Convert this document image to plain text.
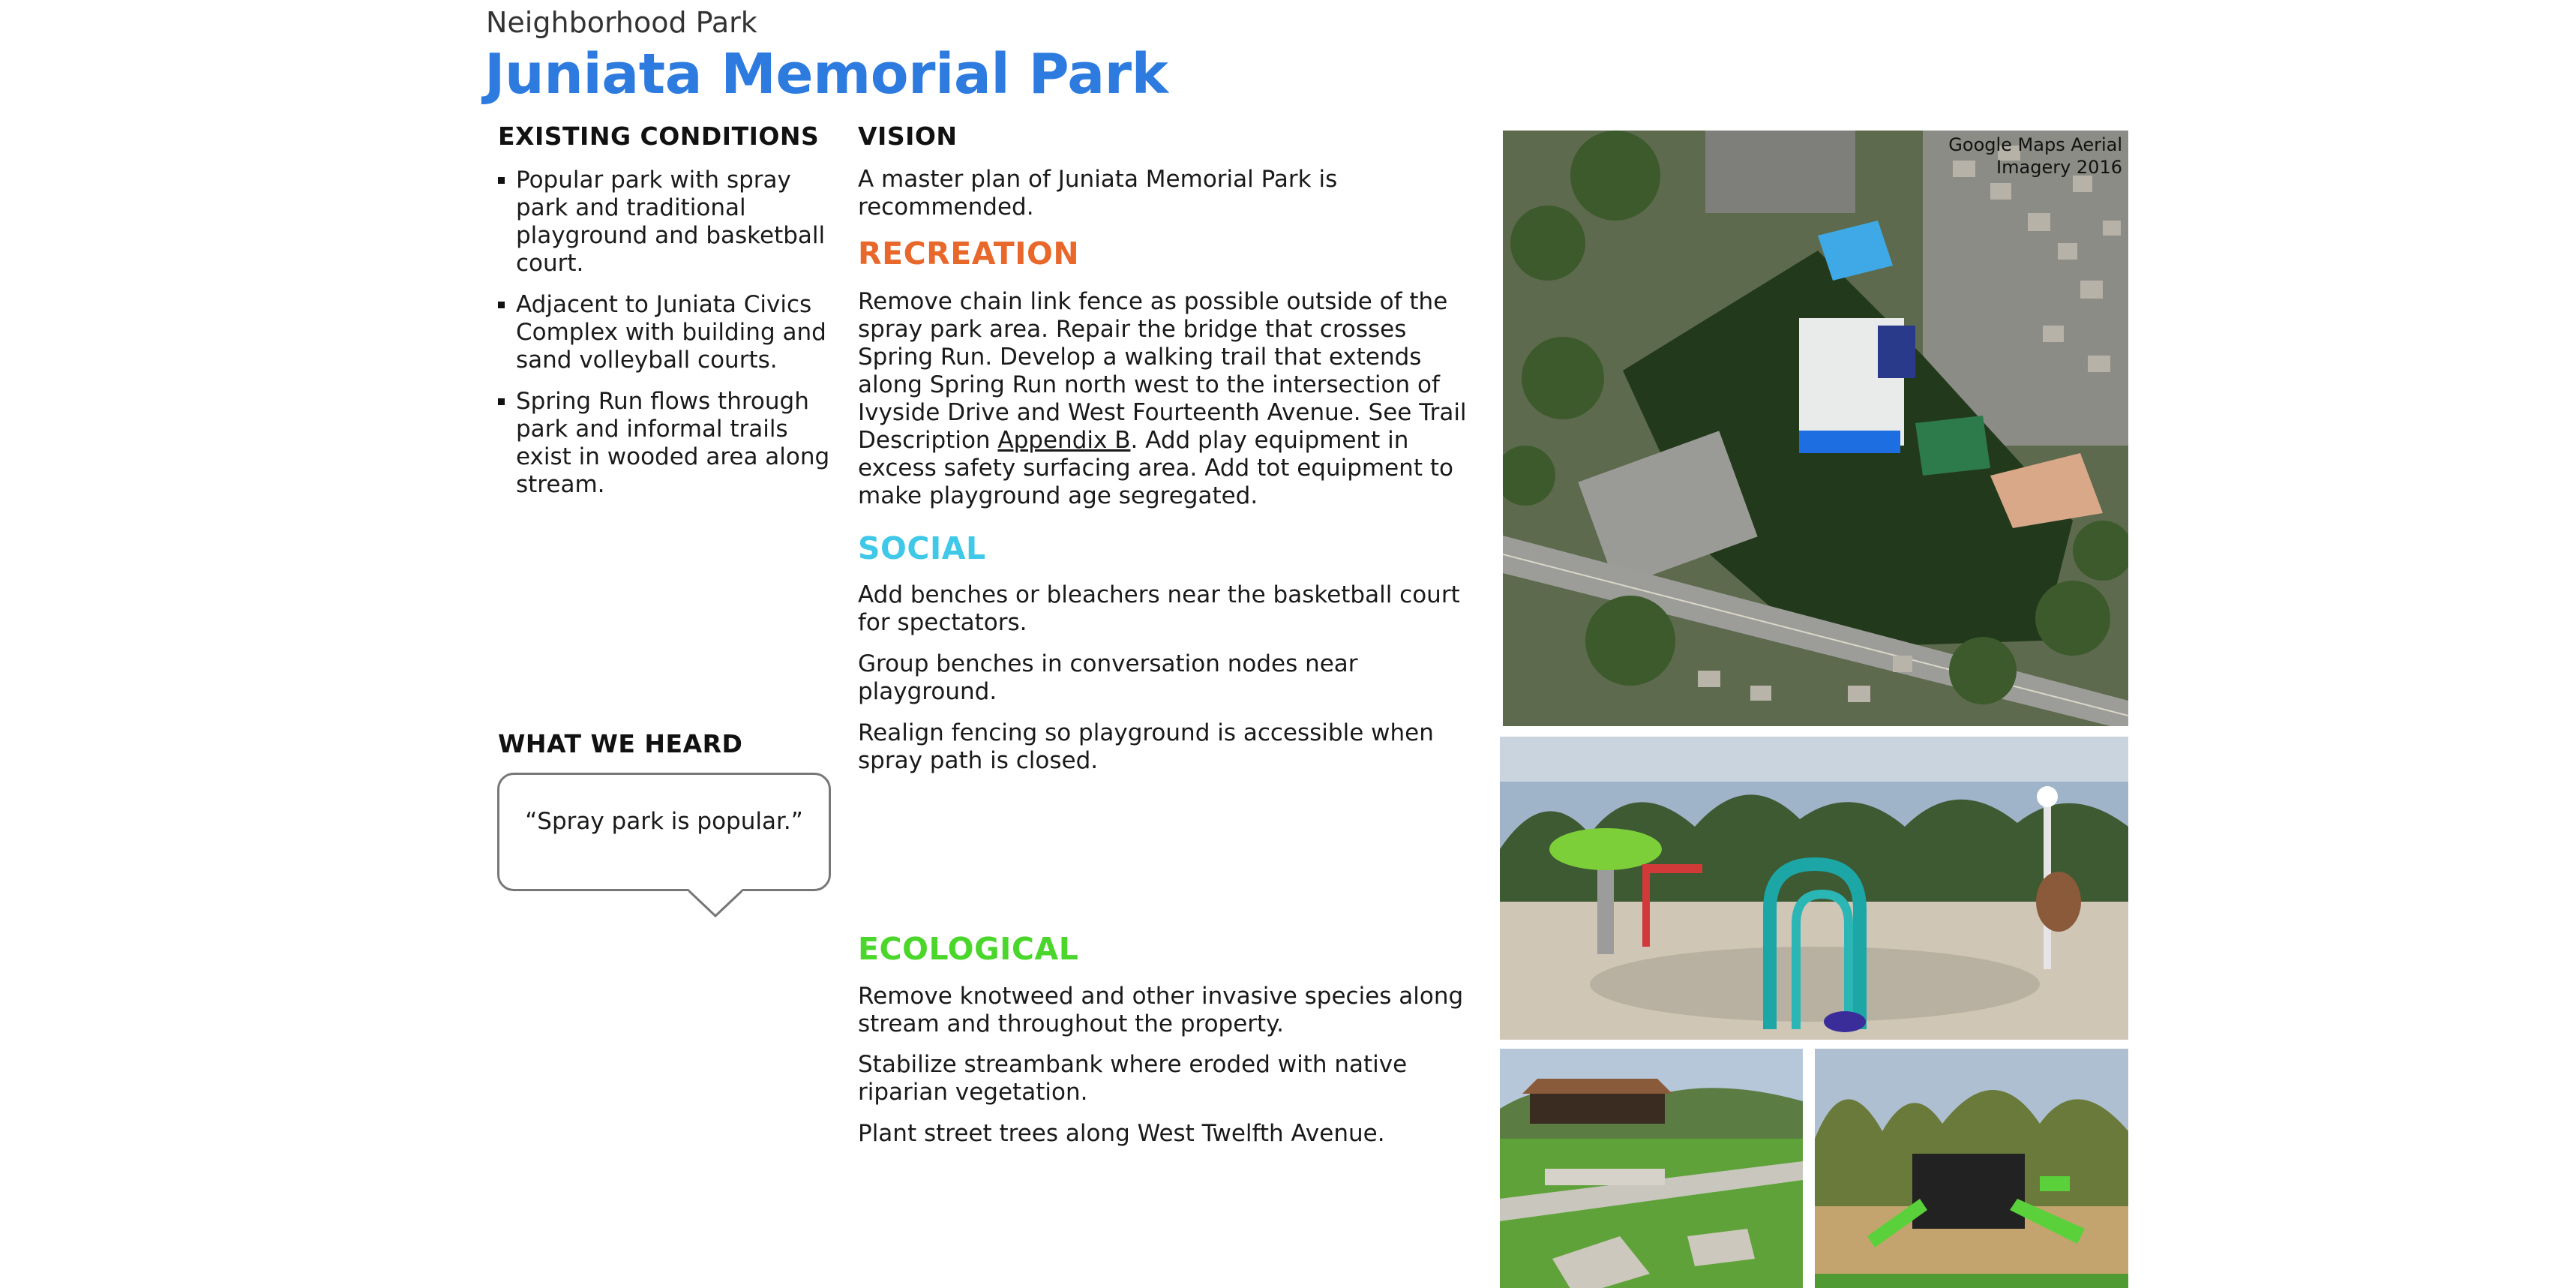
Neighborhood Park
Juniata Memorial Park
EXISTING CONDITIONS
Popular park with spray park and traditional playground and basketball court.
Adjacent to Juniata Civics Complex with building and sand volleyball courts.
Spring Run flows through park and informal trails exist in wooded area along stream.
WHAT WE HEARD
“Spray park is popular.”
VISION
A master plan of Juniata Memorial Park is recommended.
RECREATION
Remove chain link fence as possible outside of the spray park area. Repair the bridge that crosses Spring Run. Develop a walking trail that extends along Spring Run north west to the intersection of Ivyside Drive and West Fourteenth Avenue. See Trail Description Appendix B. Add play equipment in excess safety surfacing area. Add tot equipment to make playground age segregated.
SOCIAL
Add benches or bleachers near the basketball court for spectators.
Group benches in conversation nodes near playground.
Realign fencing so playground is accessible when spray path is closed.
ECOLOGICAL
Remove knotweed and other invasive species along stream and throughout the property.
Stabilize streambank where eroded with native riparian vegetation.
Plant street trees along West Twelfth Avenue.
Google Maps Aerial
Imagery 2016
